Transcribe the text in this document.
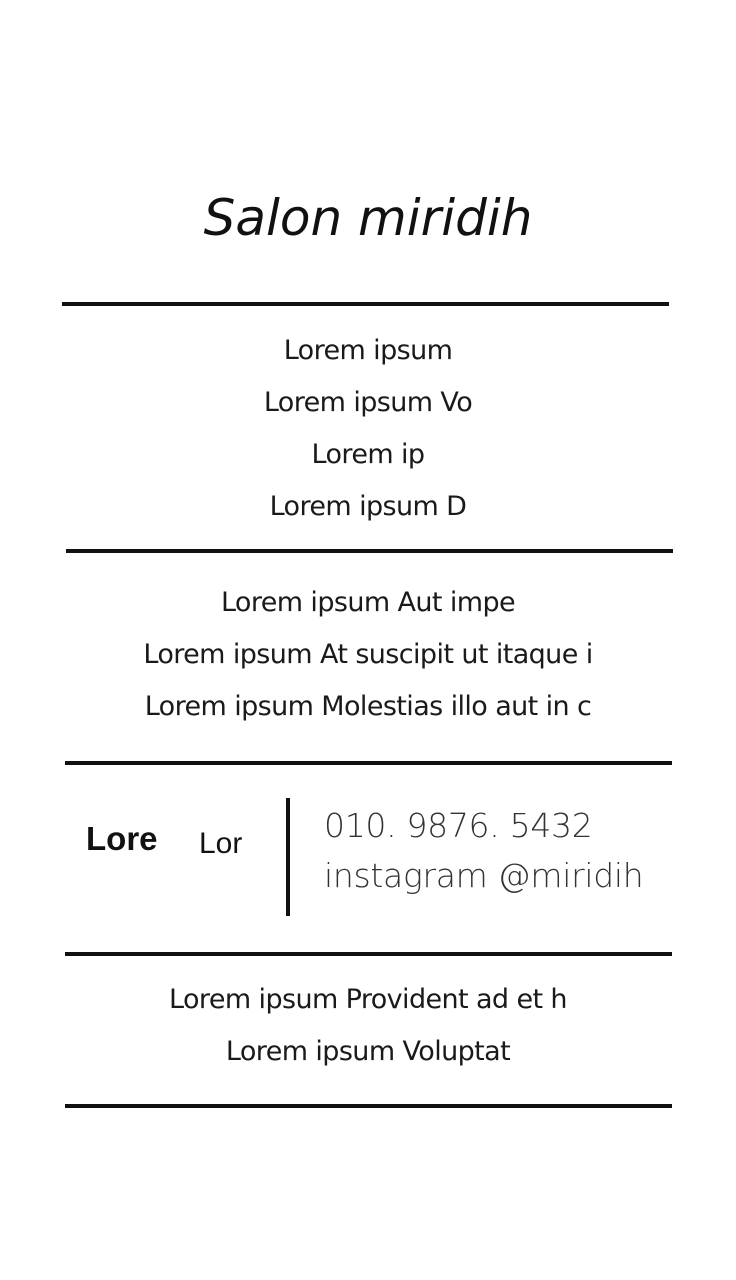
Salon miridih
Lorem ipsum
Lorem ipsum Vo
Lorem ip
Lorem ipsum D
Lorem ipsum Aut impe
Lorem ipsum At suscipit ut itaque i
Lorem ipsum Molestias illo aut in c
Lore Lor 010. 9876. 5432
instagram @miridih
Lorem ipsum Provident ad et h
Lorem ipsum Voluptat
